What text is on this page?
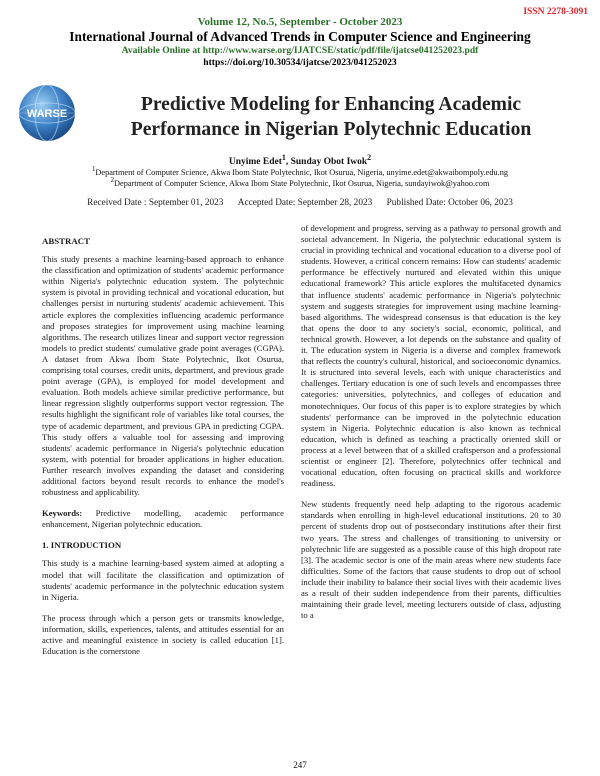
ISSN 2278-3091
Volume 12, No.5, September - October 2023
International Journal of Advanced Trends in Computer Science and Engineering
Available Online at http://www.warse.org/IJATCSE/static/pdf/file/ijatcse041252023.pdf
https://doi.org/10.30534/ijatcse/2023/041252023
WARSE	Predictive Modeling for Enhancing Academic
Performance in Nigerian Polytechnic Education
Unyime Edet$^1$, Sunday Obot Iwok$^2$
$^1$Department of Computer Science, Akwa Ibom State Polytechnic, Ikot Osurua, Nigeria, unyime.edet@akwaibompoly.edu.ng
$^2$Department of Computer Science, Akwa Ibom State Polytechnic, Ikot Osurua, Nigeria, sundayiwok@yahoo.com
Received Date : September 01, 2023 Accepted Date: September 28, 2023 Published Date: October 06, 2023
ABSTRACT
This study presents a machine learning-based approach to enhance the classification and optimization of students' academic performance within Nigeria's polytechnic education system. The polytechnic system is pivotal in providing technical and vocational education, but challenges persist in nurturing students' academic achievement. This article explores the complexities influencing academic performance and proposes strategies for improvement using machine learning algorithms. The research utilizes linear and support vector regression models to predict students' cumulative grade point averages (CGPA). A dataset from Akwa Ibom State Polytechnic, Ikot Osurua, comprising total courses, credit units, department, and previous grade point average (GPA), is employed for model development and evaluation. Both models achieve similar predictive performance, but linear regression slightly outperforms support vector regression. The results highlight the significant role of variables like total courses, the type of academic department, and previous GPA in predicting CGPA. This study offers a valuable tool for assessing and improving students' academic performance in Nigeria's polytechnic education system, with potential for broader applications in higher education. Further research involves expanding the dataset and considering additional factors beyond result records to enhance the model's robustness and applicability.
Keywords: Predictive modelling, academic performance enhancement, Nigerian polytechnic education.
1. INTRODUCTION
This study is a machine learning-based system aimed at adopting a model that will facilitate the classification and optimization of students' academic performance in the polytechnic education system in Nigeria.
The process through which a person gets or transmits knowledge, information, skills, experiences, talents, and attitudes essential for an active and meaningful existence in society is called education [1]. Education is the cornerstone
of development and progress, serving as a pathway to personal growth and societal advancement. In Nigeria, the polytechnic educational system is crucial in providing technical and vocational education to a diverse pool of students. However, a critical concern remains: How can students' academic performance be effectively nurtured and elevated within this unique educational framework? This article explores the multifaceted dynamics that influence students' academic performance in Nigeria's polytechnic system and suggests strategies for improvement using machine learning-based algorithms. The widespread consensus is that education is the key that opens the door to any society's social, economic, political, and technical growth. However, a lot depends on the substance and quality of it. The education system in Nigeria is a diverse and complex framework that reflects the country's cultural, historical, and socioeconomic dynamics. It is structured into several levels, each with unique characteristics and challenges. Tertiary education is one of such levels and encompasses three categories: universities, polytechnics, and colleges of education and monotechniques. Our focus of this paper is to explore strategies by which students' performance can be improved in the polytechnic education system in Nigeria. Polytechnic education is also known as technical education, which is defined as teaching a practically oriented skill or process at a level between that of a skilled craftsperson and a professional scientist or engineer [2]. Therefore, polytechnics offer technical and vocational education, often focusing on practical skills and workforce readiness.
New students frequently need help adapting to the rigorous academic standards when enrolling in high-level educational institutions. 20 to 30 percent of students drop out of postsecondary institutions after their first two years. The stress and challenges of transitioning to university or polytechnic life are suggested as a possible cause of this high dropout rate [3]. The academic sector is one of the main areas where new students face difficulties. Some of the factors that cause students to drop out of school include their inability to balance their social lives with their academic lives as a result of their sudden independence from their parents, difficulties maintaining their grade level, meeting lecturers outside of class, adjusting to a
247
